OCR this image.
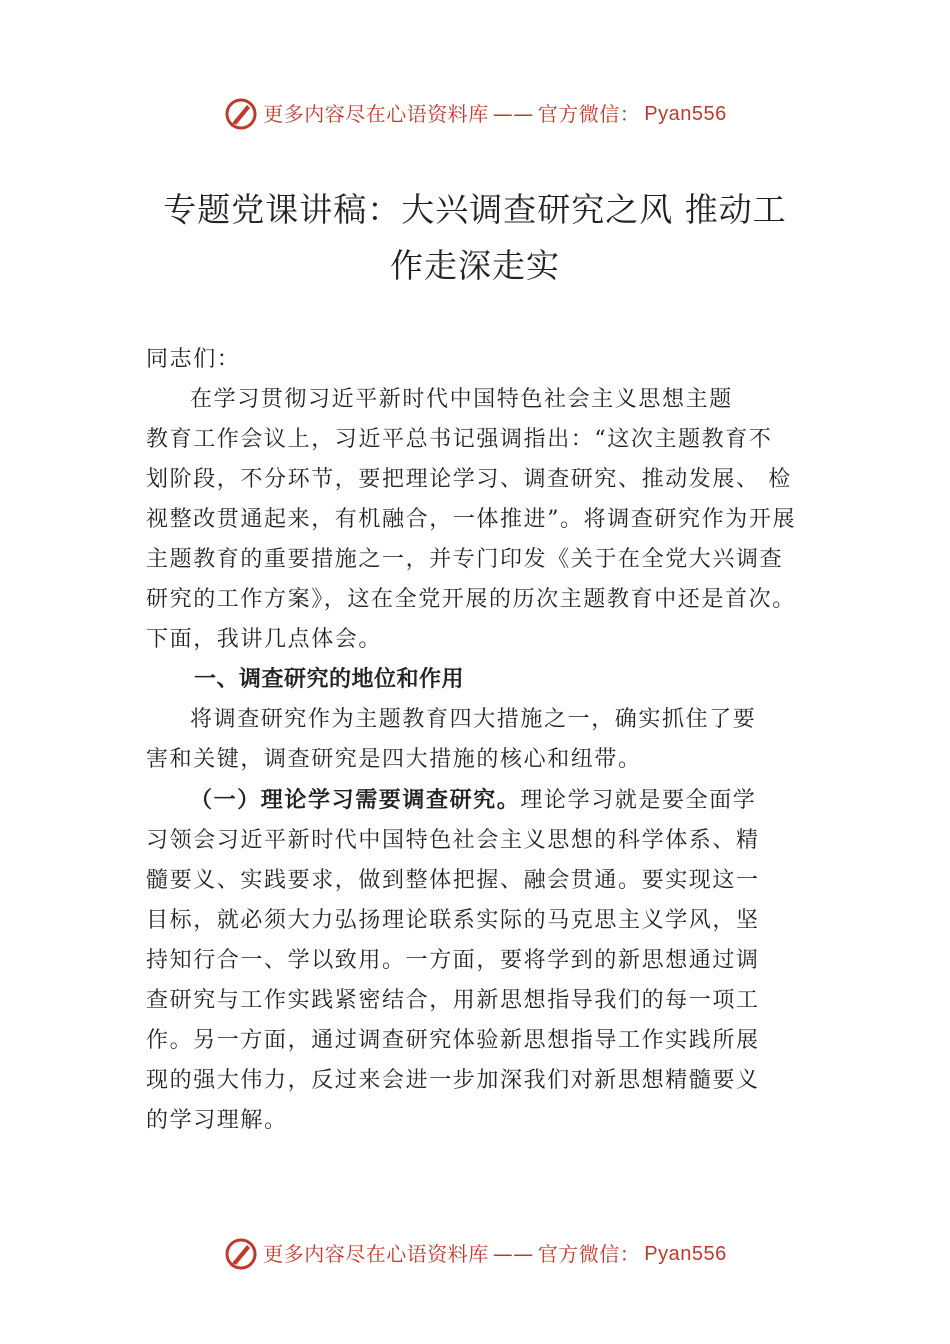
更多内容尽在心语资料库 —— 官方微信： Pyan556
专题党课讲稿：大兴调查研究之风 推动工
作走深走实

同志们：

在学习贯彻习近平新时代中国特色社会主义思想主题
教育工作会议上，习近平总书记强调指出：“这次主题教育不
划阶段，不分环节，要把理论学习、调查研究、推动发展、 检
视整改贯通起来，有机融合，一体推进”。将调查研究作为开展
主题教育的重要措施之一，并专门印发《关于在全党大兴调查
研究的工作方案》，这在全党开展的历次主题教育中还是首次。
下面，我讲几点体会。

一、调查研究的地位和作用

将调查研究作为主题教育四大措施之一，确实抓住了要
害和关键，调查研究是四大措施的核心和纽带。

（一）理论学习需要调查研究。理论学习就是要全面学
习领会习近平新时代中国特色社会主义思想的科学体系、精
髓要义、实践要求，做到整体把握、融会贯通。要实现这一
目标，就必须大力弘扬理论联系实际的马克思主义学风，坚
持知行合一、学以致用。一方面，要将学到的新思想通过调
查研究与工作实践紧密结合，用新思想指导我们的每一项工
作。另一方面，通过调查研究体验新思想指导工作实践所展
现的强大伟力，反过来会进一步加深我们对新思想精髓要义
的学习理解。

更多内容尽在心语资料库 —— 官方微信： Pyan556
